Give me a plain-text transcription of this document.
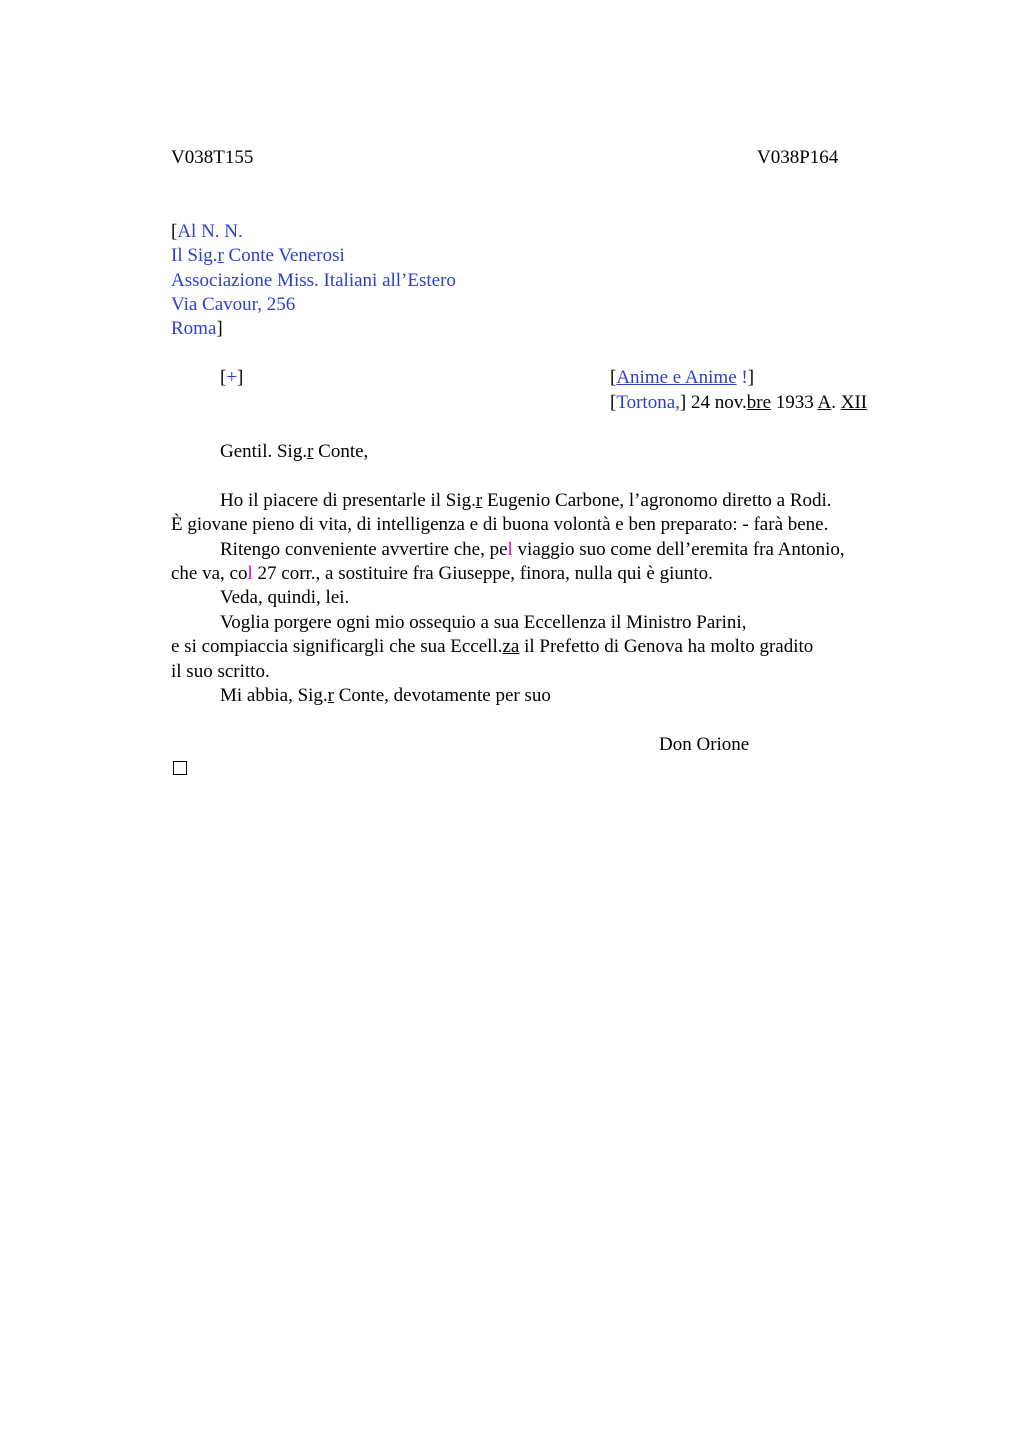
V038T155	V038P164
[Al N. N.
Il Sig.r Conte Venerosi
Associazione Miss. Italiani all’Estero
Via Cavour, 256
Roma]
[+]	[Anime e Anime !]
[Tortona,] 24 nov.bre 1933 A. XII
Gentil. Sig.r Conte,
Ho il piacere di presentarle il Sig.r Eugenio Carbone, l’agronomo diretto a Rodi.
È giovane pieno di vita, di intelligenza e di buona volontà e ben preparato: - farà bene.
Ritengo conveniente avvertire che, pel viaggio suo come dell’eremita fra Antonio,
che va, col 27 corr., a sostituire fra Giuseppe, finora, nulla qui è giunto.
Veda, quindi, lei.
Voglia porgere ogni mio ossequio a sua Eccellenza il Ministro Parini,
e si compiaccia significargli che sua Eccell.za il Prefetto di Genova ha molto gradito
il suo scritto.
Mi abbia, Sig.r Conte, devotamente per suo
Don Orione
